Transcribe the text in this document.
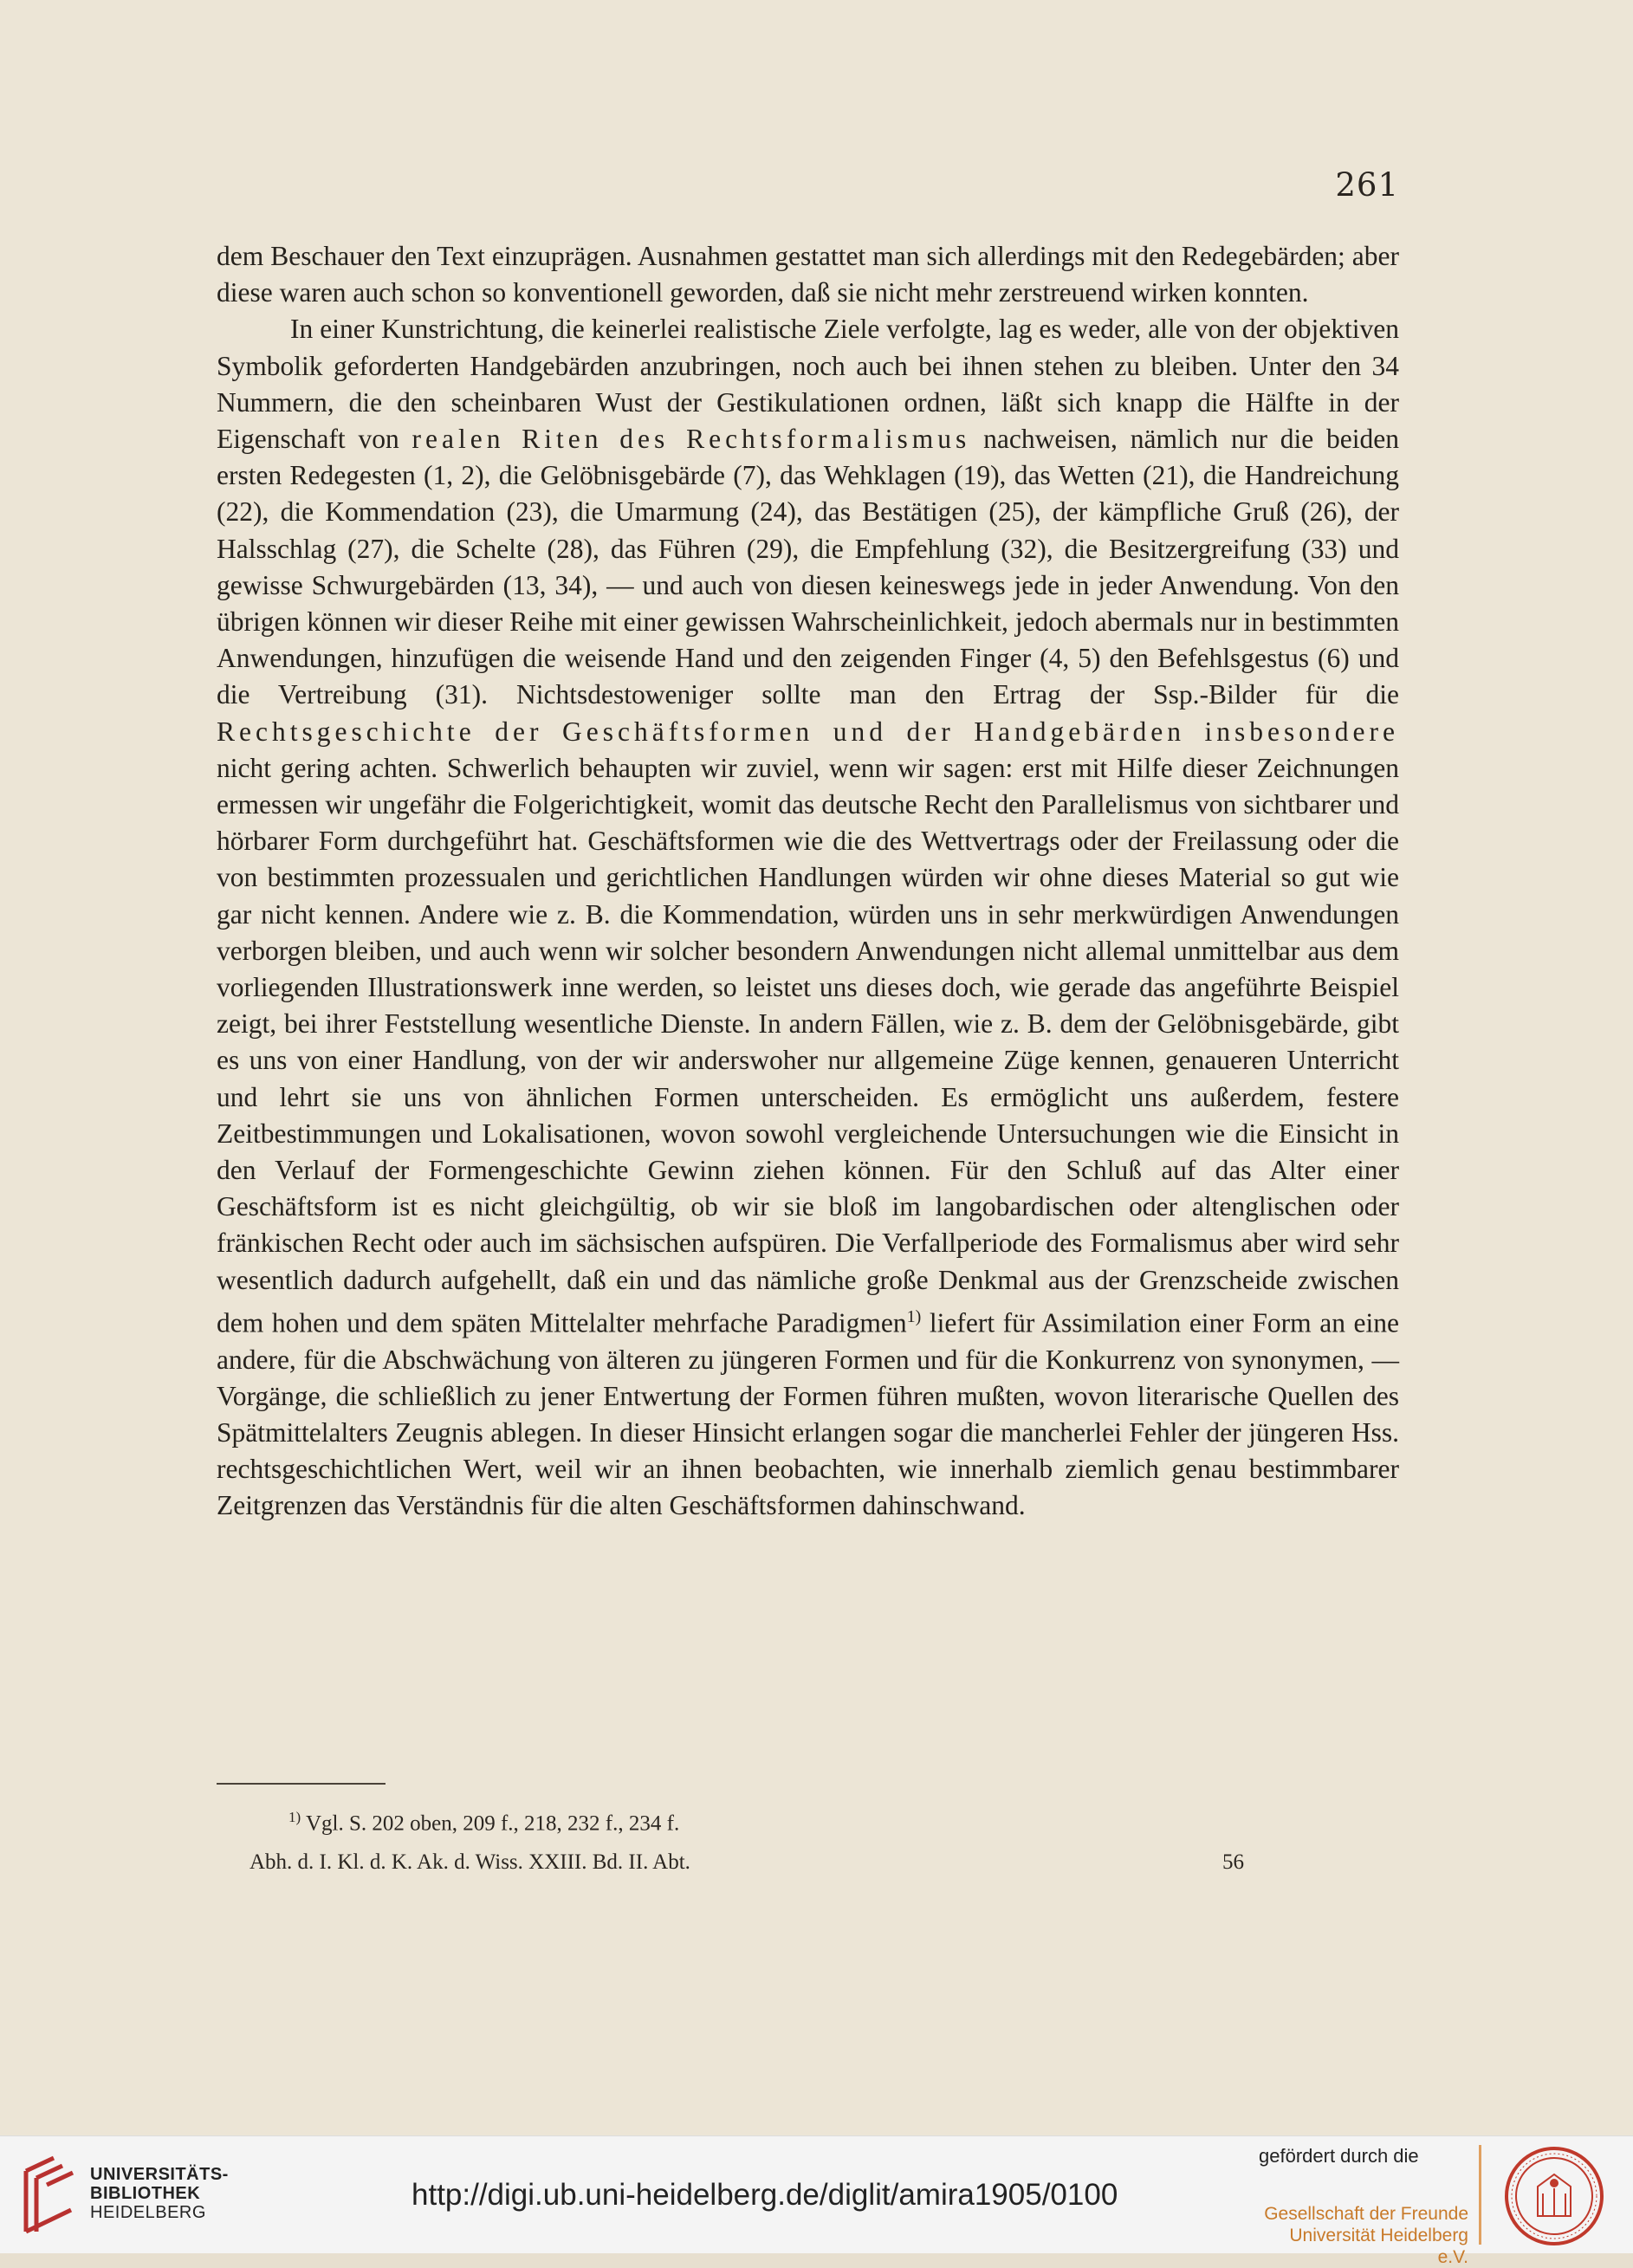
261

dem Beschauer den Text einzuprägen. Ausnahmen gestattet man sich allerdings mit den Redegebärden; aber diese waren auch schon so konventionell geworden, daß sie nicht mehr zerstreuend wirken konnten.

In einer Kunstrichtung, die keinerlei realistische Ziele verfolgte, lag es weder, alle von der objektiven Symbolik geforderten Handgebärden anzubringen, noch auch bei ihnen stehen zu bleiben. Unter den 34 Nummern, die den scheinbaren Wust der Gestikulationen ordnen, läßt sich knapp die Hälfte in der Eigenschaft von realen Riten des Rechtsformalismus nachweisen, nämlich nur die beiden ersten Redegesten (1, 2), die Gelöbnisgebärde (7), das Wehklagen (19), das Wetten (21), die Handreichung (22), die Kommendation (23), die Umarmung (24), das Bestätigen (25), der kämpfliche Gruß (26), der Halsschlag (27), die Schelte (28), das Führen (29), die Empfehlung (32), die Besitzergreifung (33) und gewisse Schwurgebärden (13, 34), — und auch von diesen keineswegs jede in jeder Anwendung. Von den übrigen können wir dieser Reihe mit einer gewissen Wahrscheinlichkeit, jedoch abermals nur in bestimmten Anwendungen, hinzufügen die weisende Hand und den zeigenden Finger (4, 5) den Befehlsgestus (6) und die Vertreibung (31). Nichtsdestoweniger sollte man den Ertrag der Ssp.-Bilder für die Rechtsgeschichte der Geschäftsformen und der Handgebärden insbesondere nicht gering achten. Schwerlich behaupten wir zuviel, wenn wir sagen: erst mit Hilfe dieser Zeichnungen ermessen wir ungefähr die Folgerichtigkeit, womit das deutsche Recht den Parallelismus von sichtbarer und hörbarer Form durchgeführt hat. Geschäftsformen wie die des Wettvertrags oder der Freilassung oder die von bestimmten prozessualen und gerichtlichen Handlungen würden wir ohne dieses Material so gut wie gar nicht kennen. Andere wie z. B. die Kommendation, würden uns in sehr merkwürdigen Anwendungen verborgen bleiben, und auch wenn wir solcher besondern Anwendungen nicht allemal unmittelbar aus dem vorliegenden Illustrationswerk inne werden, so leistet uns dieses doch, wie gerade das angeführte Beispiel zeigt, bei ihrer Feststellung wesentliche Dienste. In andern Fällen, wie z. B. dem der Gelöbnisgebärde, gibt es uns von einer Handlung, von der wir anderswoher nur allgemeine Züge kennen, genaueren Unterricht und lehrt sie uns von ähnlichen Formen unterscheiden. Es ermöglicht uns außerdem, festere Zeitbestimmungen und Lokalisationen, wovon sowohl vergleichende Untersuchungen wie die Einsicht in den Verlauf der Formengeschichte Gewinn ziehen können. Für den Schluß auf das Alter einer Geschäftsform ist es nicht gleichgültig, ob wir sie bloß im langobardischen oder altenglischen oder fränkischen Recht oder auch im sächsischen aufspüren. Die Verfallperiode des Formalismus aber wird sehr wesentlich dadurch aufgehellt, daß ein und das nämliche große Denkmal aus der Grenzscheide zwischen dem hohen und dem späten Mittelalter mehrfache Paradigmen$^{1)}$ liefert für Assimilation einer Form an eine andere, für die Abschwächung von älteren zu jüngeren Formen und für die Konkurrenz von synonymen, — Vorgänge, die schließlich zu jener Entwertung der Formen führen mußten, wovon literarische Quellen des Spätmittelalters Zeugnis ablegen. In dieser Hinsicht erlangen sogar die mancherlei Fehler der jüngeren Hss. rechtsgeschichtlichen Wert, weil wir an ihnen beobachten, wie innerhalb ziemlich genau bestimmbarer Zeitgrenzen das Verständnis für die alten Geschäftsformen dahinschwand.

$^{1)}$ Vgl. S. 202 oben, 209 f., 218, 232 f., 234 f.
Abh. d. I. Kl. d. K. Ak. d. Wiss. XXIII. Bd. II. Abt.	56
UNIVERSITÄTS-
BIBLIOTHEK
HEIDELBERG
http://digi.ub.uni-heidelberg.de/diglit/amira1905/0100
gefördert durch die
Gesellschaft der Freunde
Universität Heidelberg e.V.
